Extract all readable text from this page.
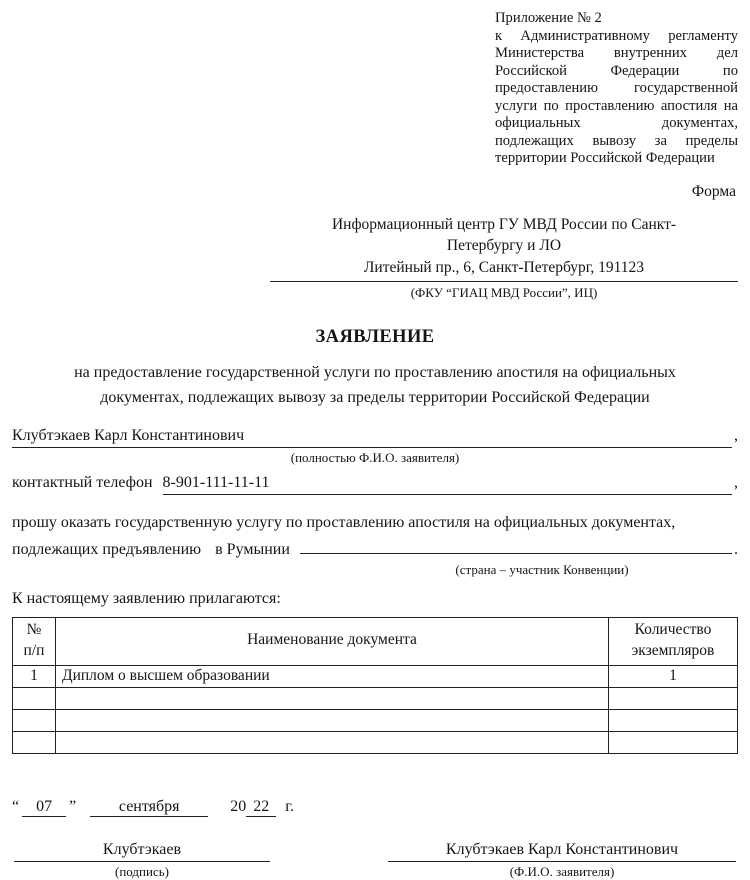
Приложение № 2
к Административному регламенту Министерства внутренних дел Российской Федерации по предоставлению государственной услуги по проставлению апостиля на официальных документах, подлежащих вывозу за пределы территории Российской Федерации
Форма
Информационный центр ГУ МВД России по Санкт-
Петербургу и ЛО
Литейный пр., 6, Санкт-Петербург, 191123
(ФКУ “ГИАЦ МВД России”, ИЦ)
ЗАЯВЛЕНИЕ
на предоставление государственной услуги по проставлению апостиля на официальных
документах, подлежащих вывозу за пределы территории Российской Федерации
Клубтэкаев Карл Константинович	,
(полностью Ф.И.О. заявителя)
контактный телефон 8-901-111-11-11	,
прошу оказать государственную услугу по проставлению апостиля на официальных документах,
подлежащих предъявлению в Румынии	.
(страна – участник Конвенции)
К настоящему заявлению прилагаются:
№ п/п	Наименование документа	Количество экземпляров
1	Диплом о высшем образовании	1

“	07	”	сентября	20 22	г.
Клубтэкаев
(подпись)
Клубтэкаев Карл Константинович
(Ф.И.О. заявителя)
